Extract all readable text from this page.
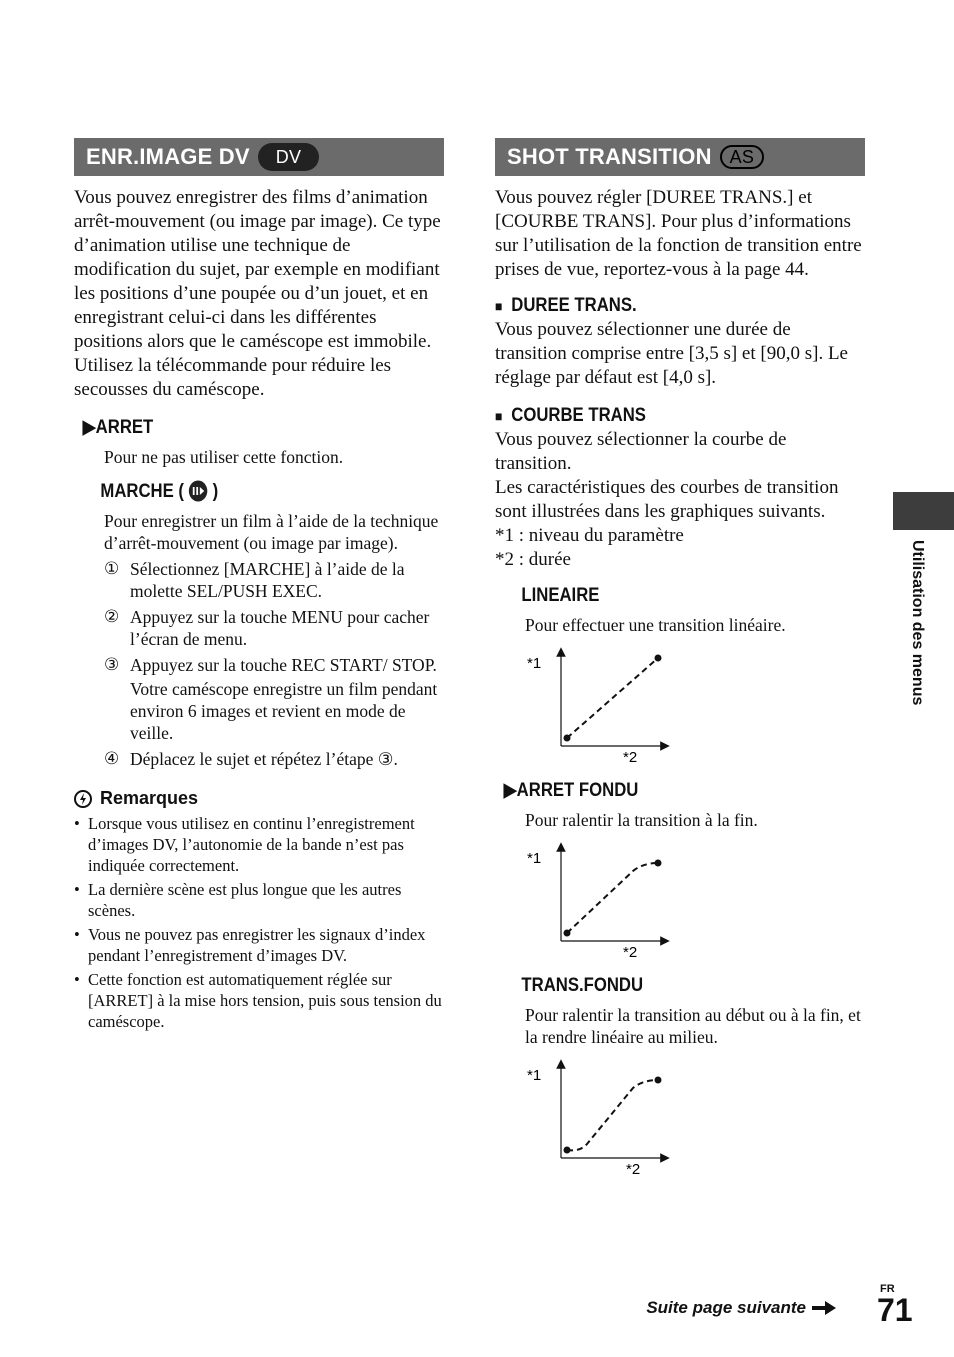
ENR.IMAGE DV	DV

Vous pouvez enregistrer des films d’animation arrêt-mouvement (ou image par image). Ce type d’animation utilise une technique de modification du sujet, par exemple en modifiant les positions d’une poupée ou d’un jouet, et en enregistrant celui-ci dans les différentes positions alors que le caméscope est immobile. Utilisez la télécommande pour réduire les secousses du caméscope.

▶ARRET
Pour ne pas utiliser cette fonction.
MARCHE ( )
Pour enregistrer un film à l’aide de la technique d’arrêt-mouvement (ou image par image).
① Sélectionnez [MARCHE] à l’aide de la molette SEL/PUSH EXEC.
② Appuyez sur la touche MENU pour cacher l’écran de menu.
③ Appuyez sur la touche REC START/ STOP.
Votre caméscope enregistre un film pendant environ 6 images et revient en mode de veille.
④ Déplacez le sujet et répétez l’étape ③.
Remarques
• Lorsque vous utilisez en continu l’enregistrement d’images DV, l’autonomie de la bande n’est pas indiquée correctement.
• La dernière scène est plus longue que les autres scènes.
• Vous ne pouvez pas enregistrer les signaux d’index pendant l’enregistrement d’images DV.
• Cette fonction est automatiquement réglée sur [ARRET] à la mise hors tension, puis sous tension du caméscope.
SHOT TRANSITION	AS

Vous pouvez régler [DUREE TRANS.] et [COURBE TRANS]. Pour plus d’informations sur l’utilisation de la fonction de transition entre prises de vue, reportez-vous à la page 44.

■ DUREE TRANS.

Vous pouvez sélectionner une durée de transition comprise entre [3,5 s] et [90,0 s]. Le réglage par défaut est [4,0 s].

■ COURBE TRANS

Vous pouvez sélectionner la courbe de transition.

Les caractéristiques des courbes de transition sont illustrées dans les graphiques suivants.

*1 : niveau du paramètre

*2 : durée

LINEAIRE
Pour effectuer une transition linéaire.
*1
*2
▶ARRET FONDU
Pour ralentir la transition à la fin.
*1
*2
TRANS.FONDU
Pour ralentir la transition au début ou à la fin, et la rendre linéaire au milieu.
*1
*2
Utilisation des menus
Suite page suivante
FR
71
